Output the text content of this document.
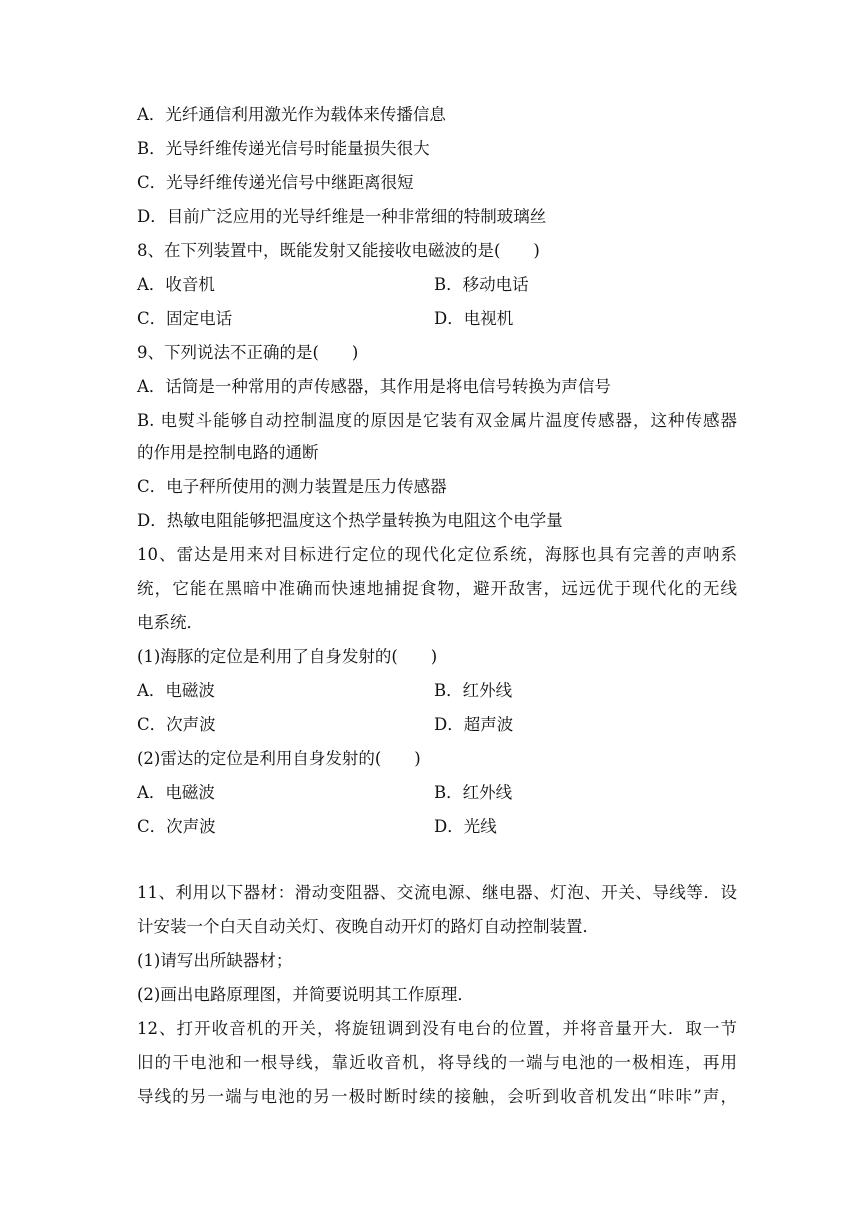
A．光纤通信利用激光作为载体来传播信息
B．光导纤维传递光信号时能量损失很大
C．光导纤维传递光信号中继距离很短
D．目前广泛应用的光导纤维是一种非常细的特制玻璃丝
8、在下列装置中，既能发射又能接收电磁波的是(　　)
A．收音机	B．移动电话
C．固定电话	D．电视机
9、下列说法不正确的是(　　)
A．话筒是一种常用的声传感器，其作用是将电信号转换为声信号
B. 电熨斗能够自动控制温度的原因是它装有双金属片温度传感器，这种传感器
的作用是控制电路的通断
C．电子秤所使用的测力装置是压力传感器
D．热敏电阻能够把温度这个热学量转换为电阻这个电学量
10、雷达是用来对目标进行定位的现代化定位系统，海豚也具有完善的声呐系
统，它能在黑暗中准确而快速地捕捉食物，避开敌害，远远优于现代化的无线
电系统．
(1)海豚的定位是利用了自身发射的(　　)
A．电磁波	B．红外线
C．次声波	D．超声波
(2)雷达的定位是利用自身发射的(　　)
A．电磁波	B．红外线
C．次声波	D．光线
11、利用以下器材：滑动变阻器、交流电源、继电器、灯泡、开关、导线等．设
计安装一个白天自动关灯、夜晚自动开灯的路灯自动控制装置．
(1)请写出所缺器材；
(2)画出电路原理图，并简要说明其工作原理．
12、打开收音机的开关，将旋钮调到没有电台的位置，并将音量开大．取一节
旧的干电池和一根导线，靠近收音机，将导线的一端与电池的一极相连，再用
导线的另一端与电池的另一极时断时续的接触，会听到收音机发出“咔咔”声，
